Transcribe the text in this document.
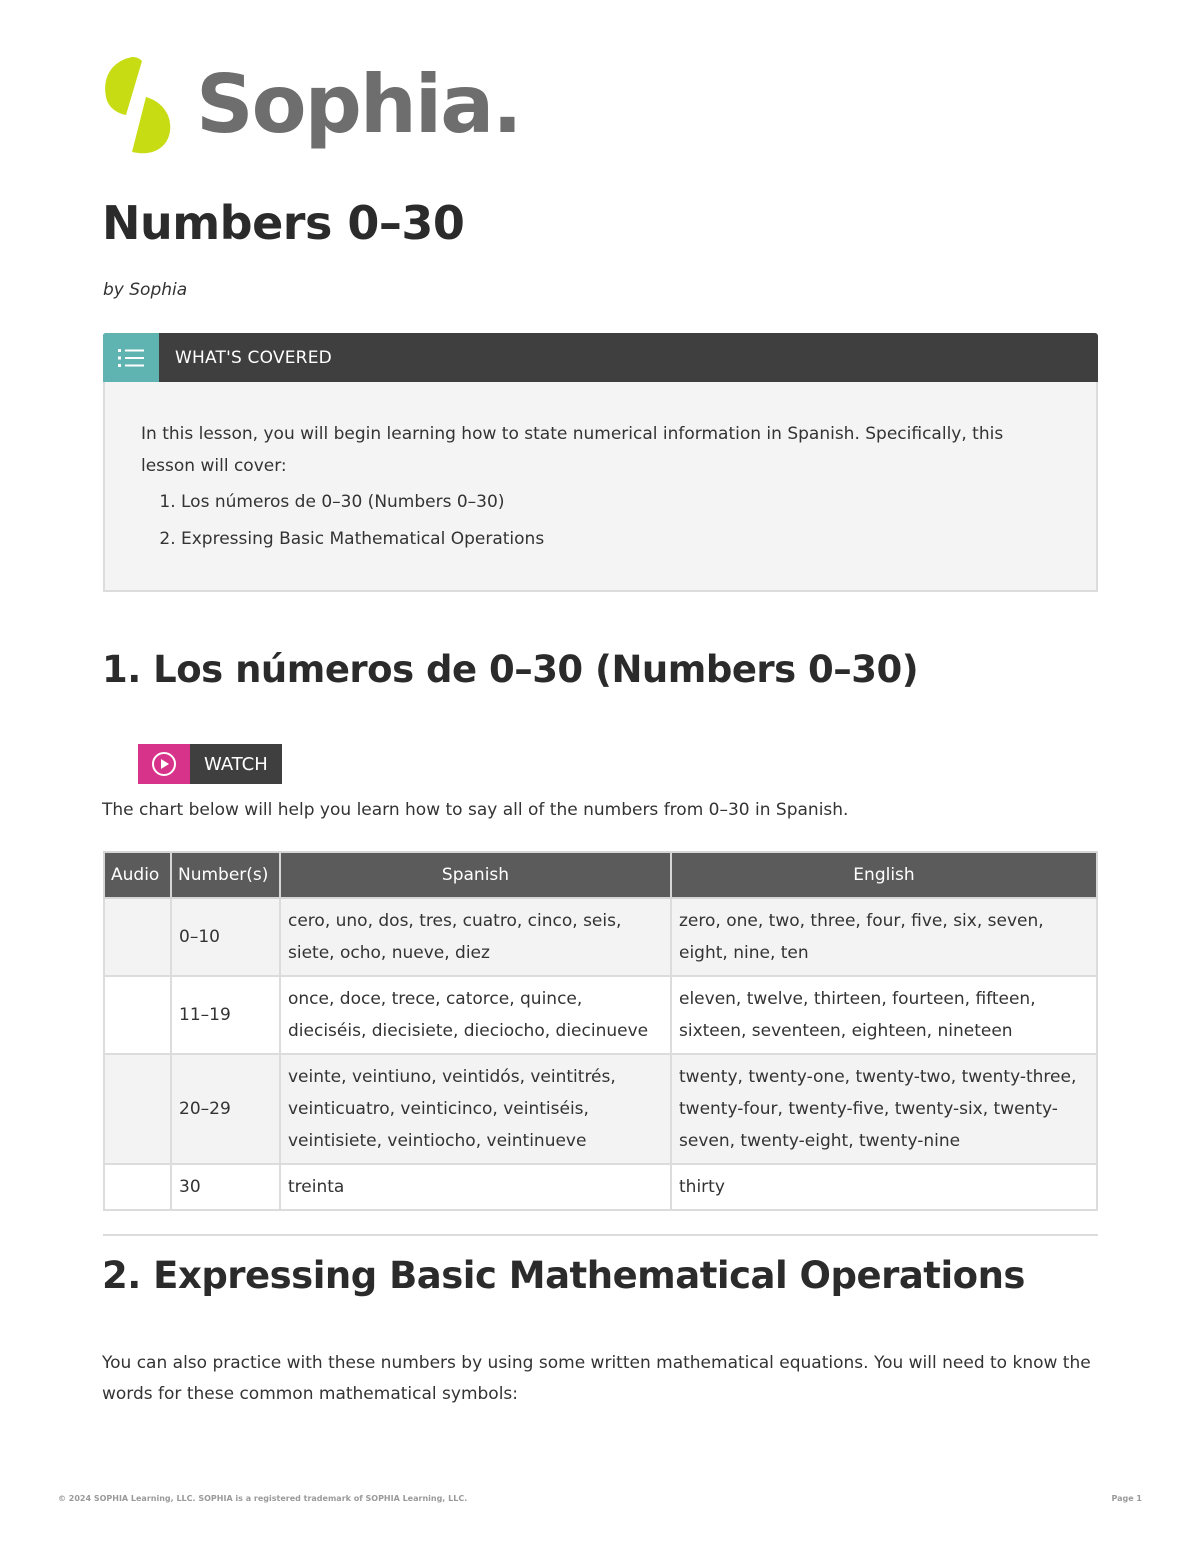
Sophia.
Numbers 0–30
by Sophia
WHAT'S COVERED
In this lesson, you will begin learning how to state numerical information in Spanish. Specifically, this lesson will cover:
1. Los números de 0–30 (Numbers 0–30)
2. Expressing Basic Mathematical Operations
1. Los números de 0–30 (Numbers 0–30)
WATCH

The chart below will help you learn how to say all of the numbers from 0–30 in Spanish.

Audio	Number(s)	Spanish	English
	0–10	cero, uno, dos, tres, cuatro, cinco, seis, siete, ocho, nueve, diez	zero, one, two, three, four, five, six, seven, eight, nine, ten
	11–19	once, doce, trece, catorce, quince, dieciséis, diecisiete, dieciocho, diecinueve	eleven, twelve, thirteen, fourteen, fifteen, sixteen, seventeen, eighteen, nineteen
	20–29	veinte, veintiuno, veintidós, veintitrés, veinticuatro, veinticinco, veintiséis, veintisiete, veintiocho, veintinueve	twenty, twenty-one, twenty-two, twenty-three, twenty-four, twenty-five, twenty-six, twenty-seven, twenty-eight, twenty-nine
	30	treinta	thirty
2. Expressing Basic Mathematical Operations

You can also practice with these numbers by using some written mathematical equations. You will need to know the words for these common mathematical symbols:

© 2024 SOPHIA Learning, LLC. SOPHIA is a registered trademark of SOPHIA Learning, LLC.	Page 1
